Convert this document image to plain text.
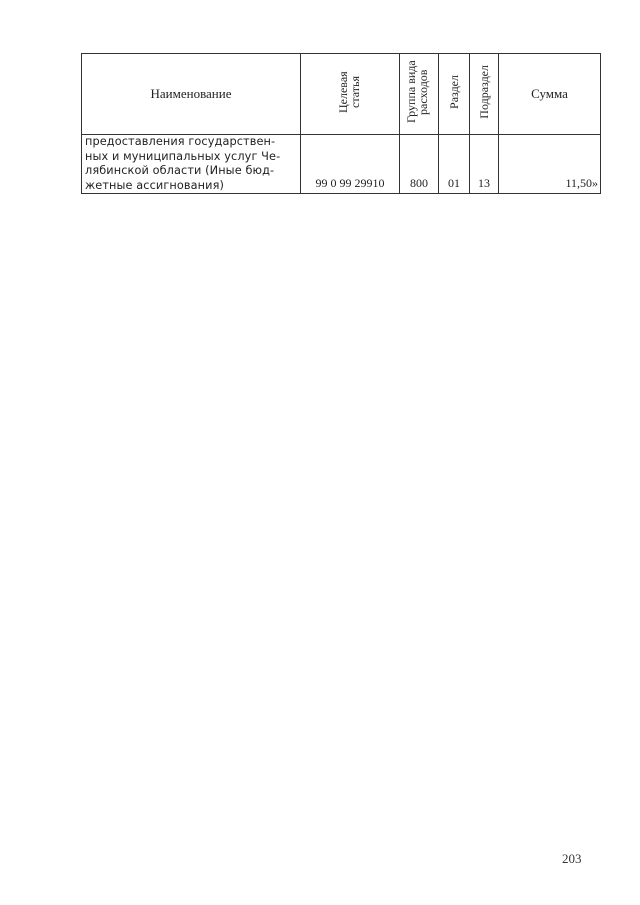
Наименование	Целевая статья	Группа вида расходов	Раздел	Подраздел	Сумма

предоставления государствен-
ных и муниципальных услуг Че-
лябинской области (Иные бюд-
жетные ассигнования)	99 0 99 29910	800	01	13	11,50»
203
